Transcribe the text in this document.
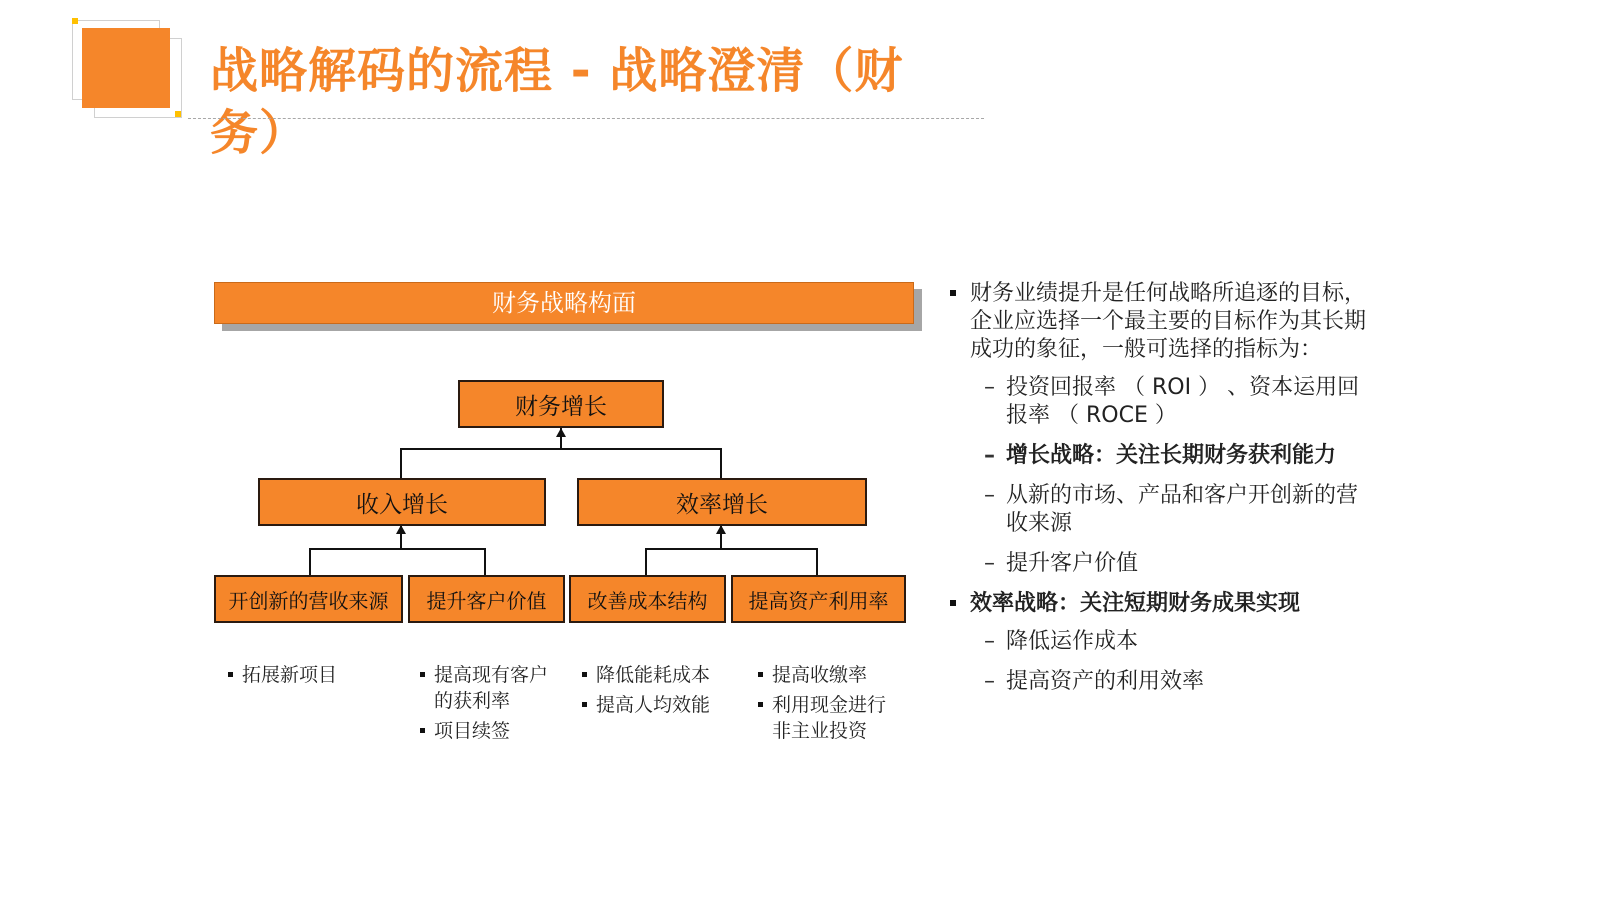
战略解码的流程 - 战略澄清（财务）
财务战略构面
财务增长
收入增长	效率增长
开创新的营收来源	提升客户价值	改善成本结构	提高资产利用率
拓展新项目	提高现有客户的获利率
项目续签
降低能耗成本
提高人均效能
提高收缴率
利用现金进行非主业投资
财务业绩提升是任何战略所追逐的目标，企业应选择一个最主要的目标作为其长期成功的象征，一般可选择的指标为：
– 投资回报率 （ ROI ） 、资本运用回报率 （ ROCE ）
– 增长战略：关注长期财务获利能力
– 从新的市场、产品和客户开创新的营收来源
– 提升客户价值
效率战略：关注短期财务成果实现
– 降低运作成本
– 提高资产的利用效率
